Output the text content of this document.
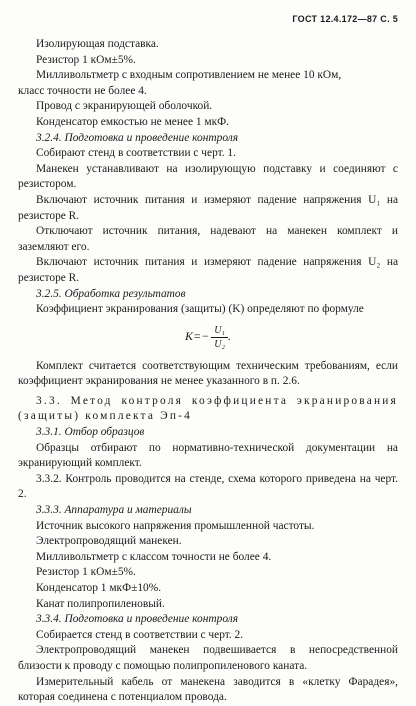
ГОСТ 12.4.172—87 С. 5

Изолирующая подставка.

Резистор 1 кОм±5%.

Милливольтметр с входным сопротивлением не менее 10 кОм,

класс точности не более 4.

Провод с экранирующей оболочкой.

Конденсатор емкостью не менее 1 мкФ.

3.2.4. Подготовка и проведение контроля

Собирают стенд в соответствии с черт. 1.

Манекен устанавливают на изолирующую подставку и соединяют с резистором.

Включают источник питания и измеряют падение напряжения U₁ на резисторе R.

Отключают источник питания, надевают на манекен комплект и заземляют его.

Включают источник питания и измеряют падение напряжения U₂ на резисторе R.

3.2.5. Обработка результатов

Коэффициент экранирования (защиты) (K) определяют по формуле

$K= - \frac{\text{U₁}}{\text{U₂}}$ .

Комплект считается соответствующим техническим требованиям, если коэффициент экранирования не менее указанного в п. 2.6.

3.3. Метод контроля коэффициента экранирования (защиты) комплекта Эп-4

3.3.1. Отбор образцов

Образцы отбирают по нормативно-технической документации на экранирующий комплект.

3.3.2. Контроль проводится на стенде, схема которого приведена на черт. 2.

3.3.3. Аппаратура и материалы

Источник высокого напряжения промышленной частоты.

Электропроводящий манекен.

Милливольтметр с классом точности не более 4.

Резистор 1 кОм±5%.

Конденсатор 1 мкФ±10%.

Канат полипропиленовый.

3.3.4. Подготовка и проведение контроля

Собирается стенд в соответствии с черт. 2.

Электропроводящий манекен подвешивается в непосредственной близости к проводу с помощью полипропиленового каната.

Измерительный кабель от манекена заводится в «клетку Фарадея», которая соединена с потенциалом провода.
